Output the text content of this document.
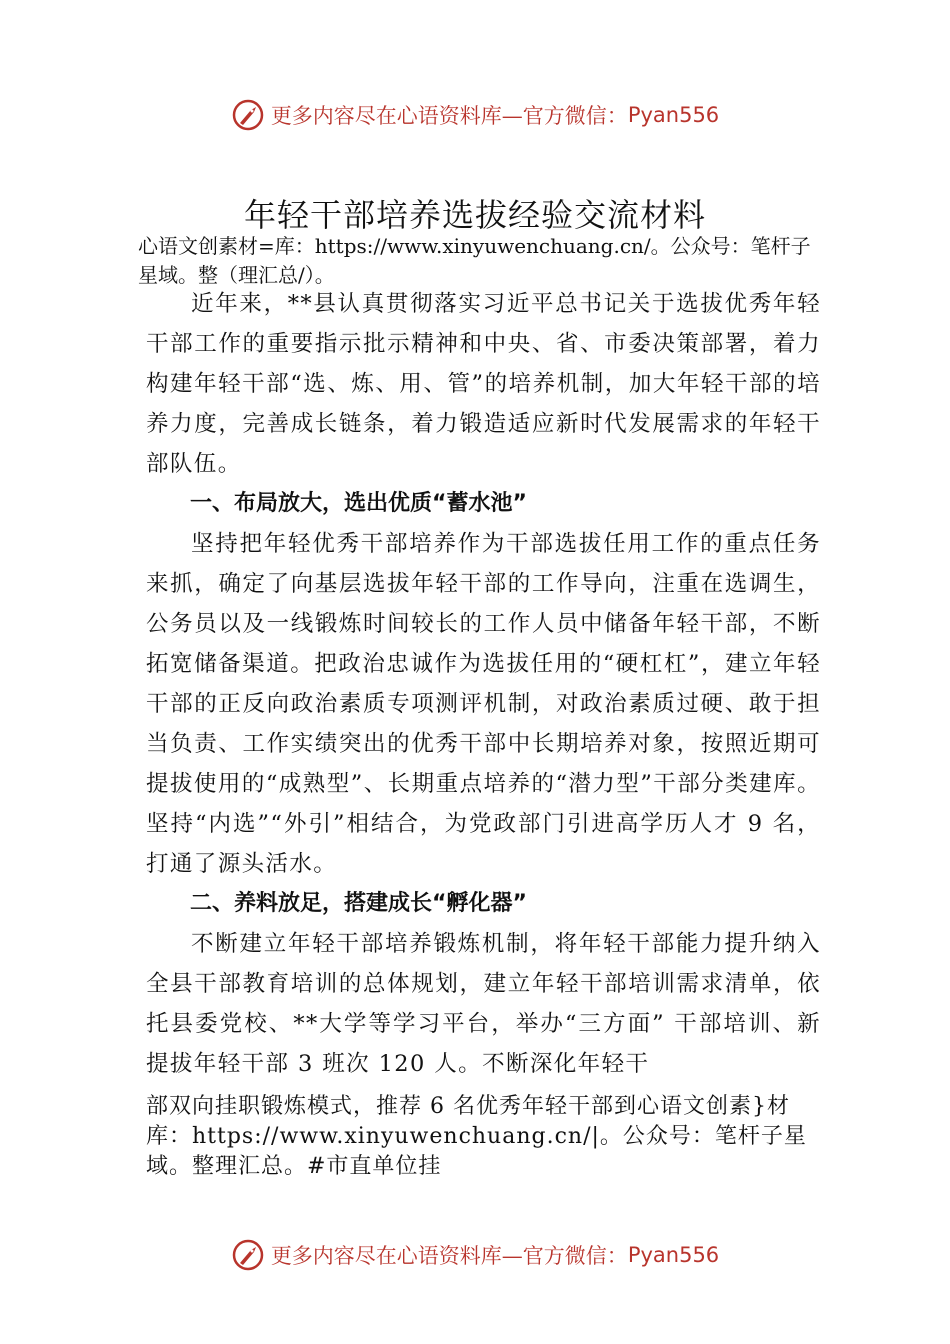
更多内容尽在心语资料库—官方微信：Pyan556
年轻干部培养选拔经验交流材料
心语文创素材=库：https://www.xinyuwenchuang.cn/。公众号：笔杆子星域。整（理汇总/）。

近年来，**县认真贯彻落实习近平总书记关于选拔优秀年轻干部工作的重要指示批示精神和中央、省、市委决策部署，着力构建年轻干部“选、炼、用、管”的培养机制，加大年轻干部的培养力度，完善成长链条，着力锻造适应新时代发展需求的年轻干部队伍。

一、布局放大，选出优质“蓄水池”

坚持把年轻优秀干部培养作为干部选拔任用工作的重点任务来抓，确定了向基层选拔年轻干部的工作导向，注重在选调生，公务员以及一线锻炼时间较长的工作人员中储备年轻干部，不断拓宽储备渠道。把政治忠诚作为选拔任用的“硬杠杠”，建立年轻干部的正反向政治素质专项测评机制，对政治素质过硬、敢于担当负责、工作实绩突出的优秀干部中长期培养对象，按照近期可提拔使用的“成熟型”、长期重点培养的“潜力型”干部分类建库。坚持“内选”“外引”相结合，为党政部门引进高学历人才 9 名，打通了源头活水。

二、养料放足，搭建成长“孵化器”

不断建立年轻干部培养锻炼机制，将年轻干部能力提升纳入全县干部教育培训的总体规划，建立年轻干部培训需求清单，依托县委党校、**大学等学习平台，举办“三方面” 干部培训、新提拔年轻干部 3 班次 120 人。不断深化年轻干

部双向挂职锻炼模式，推荐 6 名优秀年轻干部到心语文创素}材库：https://www.xinyuwenchuang.cn/|。公众号：笔杆子星域。整理汇总。#市直单位挂

更多内容尽在心语资料库—官方微信：Pyan556
